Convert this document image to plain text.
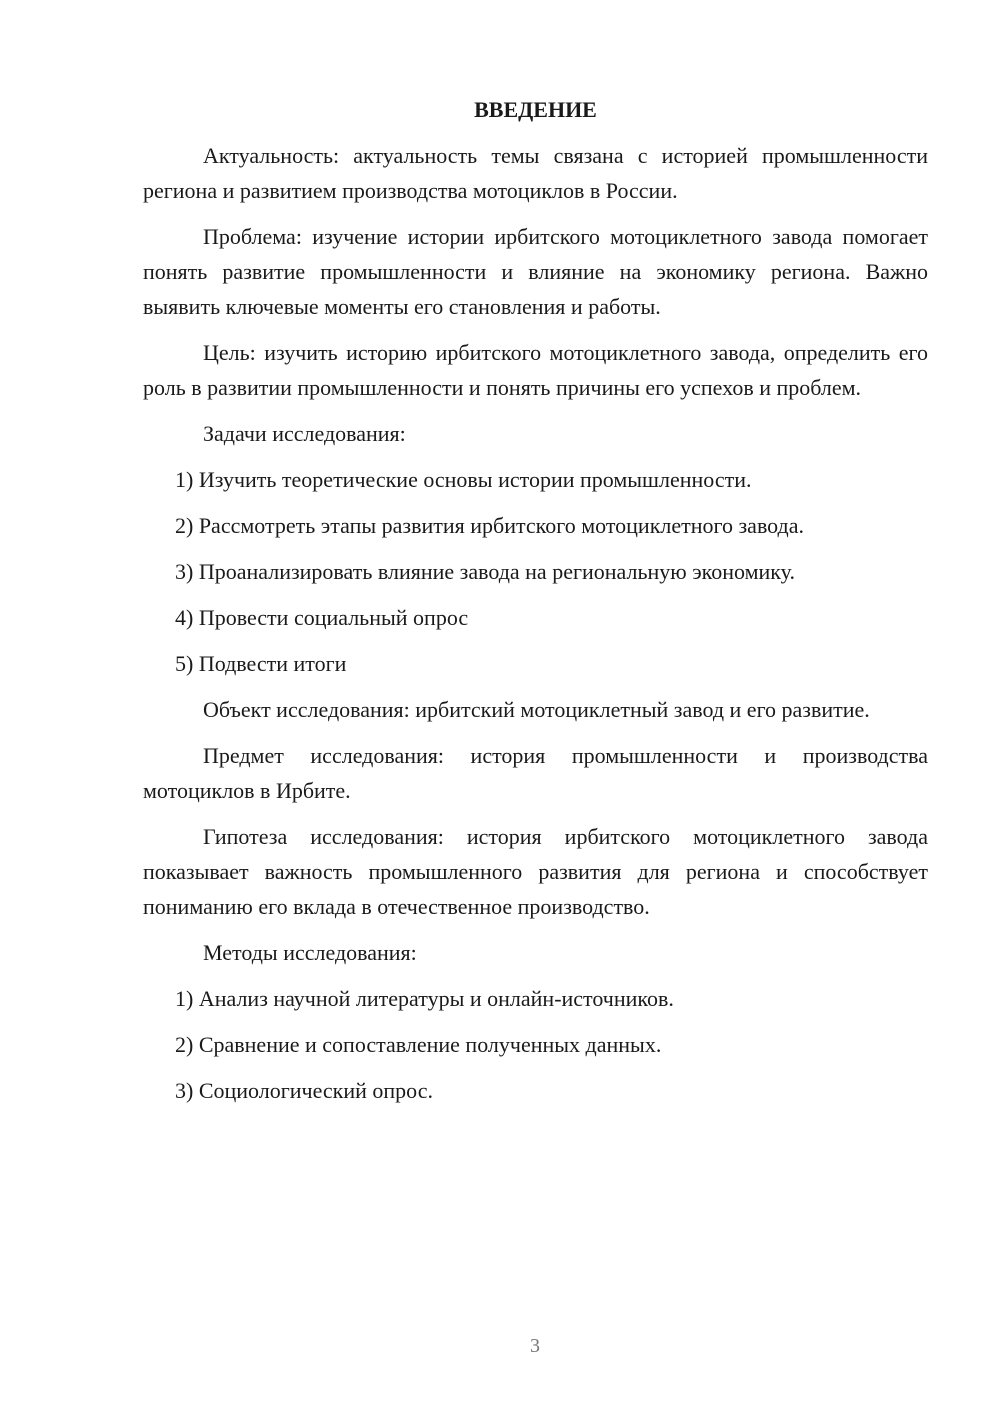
ВВЕДЕНИЕ

Актуальность: актуальность темы связана с историей промышленности региона и развитием производства мотоциклов в России.

Проблема: изучение истории ирбитского мотоциклетного завода помогает понять развитие промышленности и влияние на экономику региона. Важно выявить ключевые моменты его становления и работы.

Цель: изучить историю ирбитского мотоциклетного завода, определить его роль в развитии промышленности и понять причины его успехов и проблем.

Задачи исследования:

1) Изучить теоретические основы истории промышленности.
2) Рассмотреть этапы развития ирбитского мотоциклетного завода.
3) Проанализировать влияние завода на региональную экономику.
4) Провести социальный опрос
5) Подвести итоги

Объект исследования: ирбитский мотоциклетный завод и его развитие.

Предмет исследования: история промышленности и производства мотоциклов в Ирбите.

Гипотеза исследования: история ирбитского мотоциклетного завода показывает важность промышленного развития для региона и способствует пониманию его вклада в отечественное производство.

Методы исследования:

1) Анализ научной литературы и онлайн-источников.
2) Сравнение и сопоставление полученных данных.
3) Социологический опрос.
3
